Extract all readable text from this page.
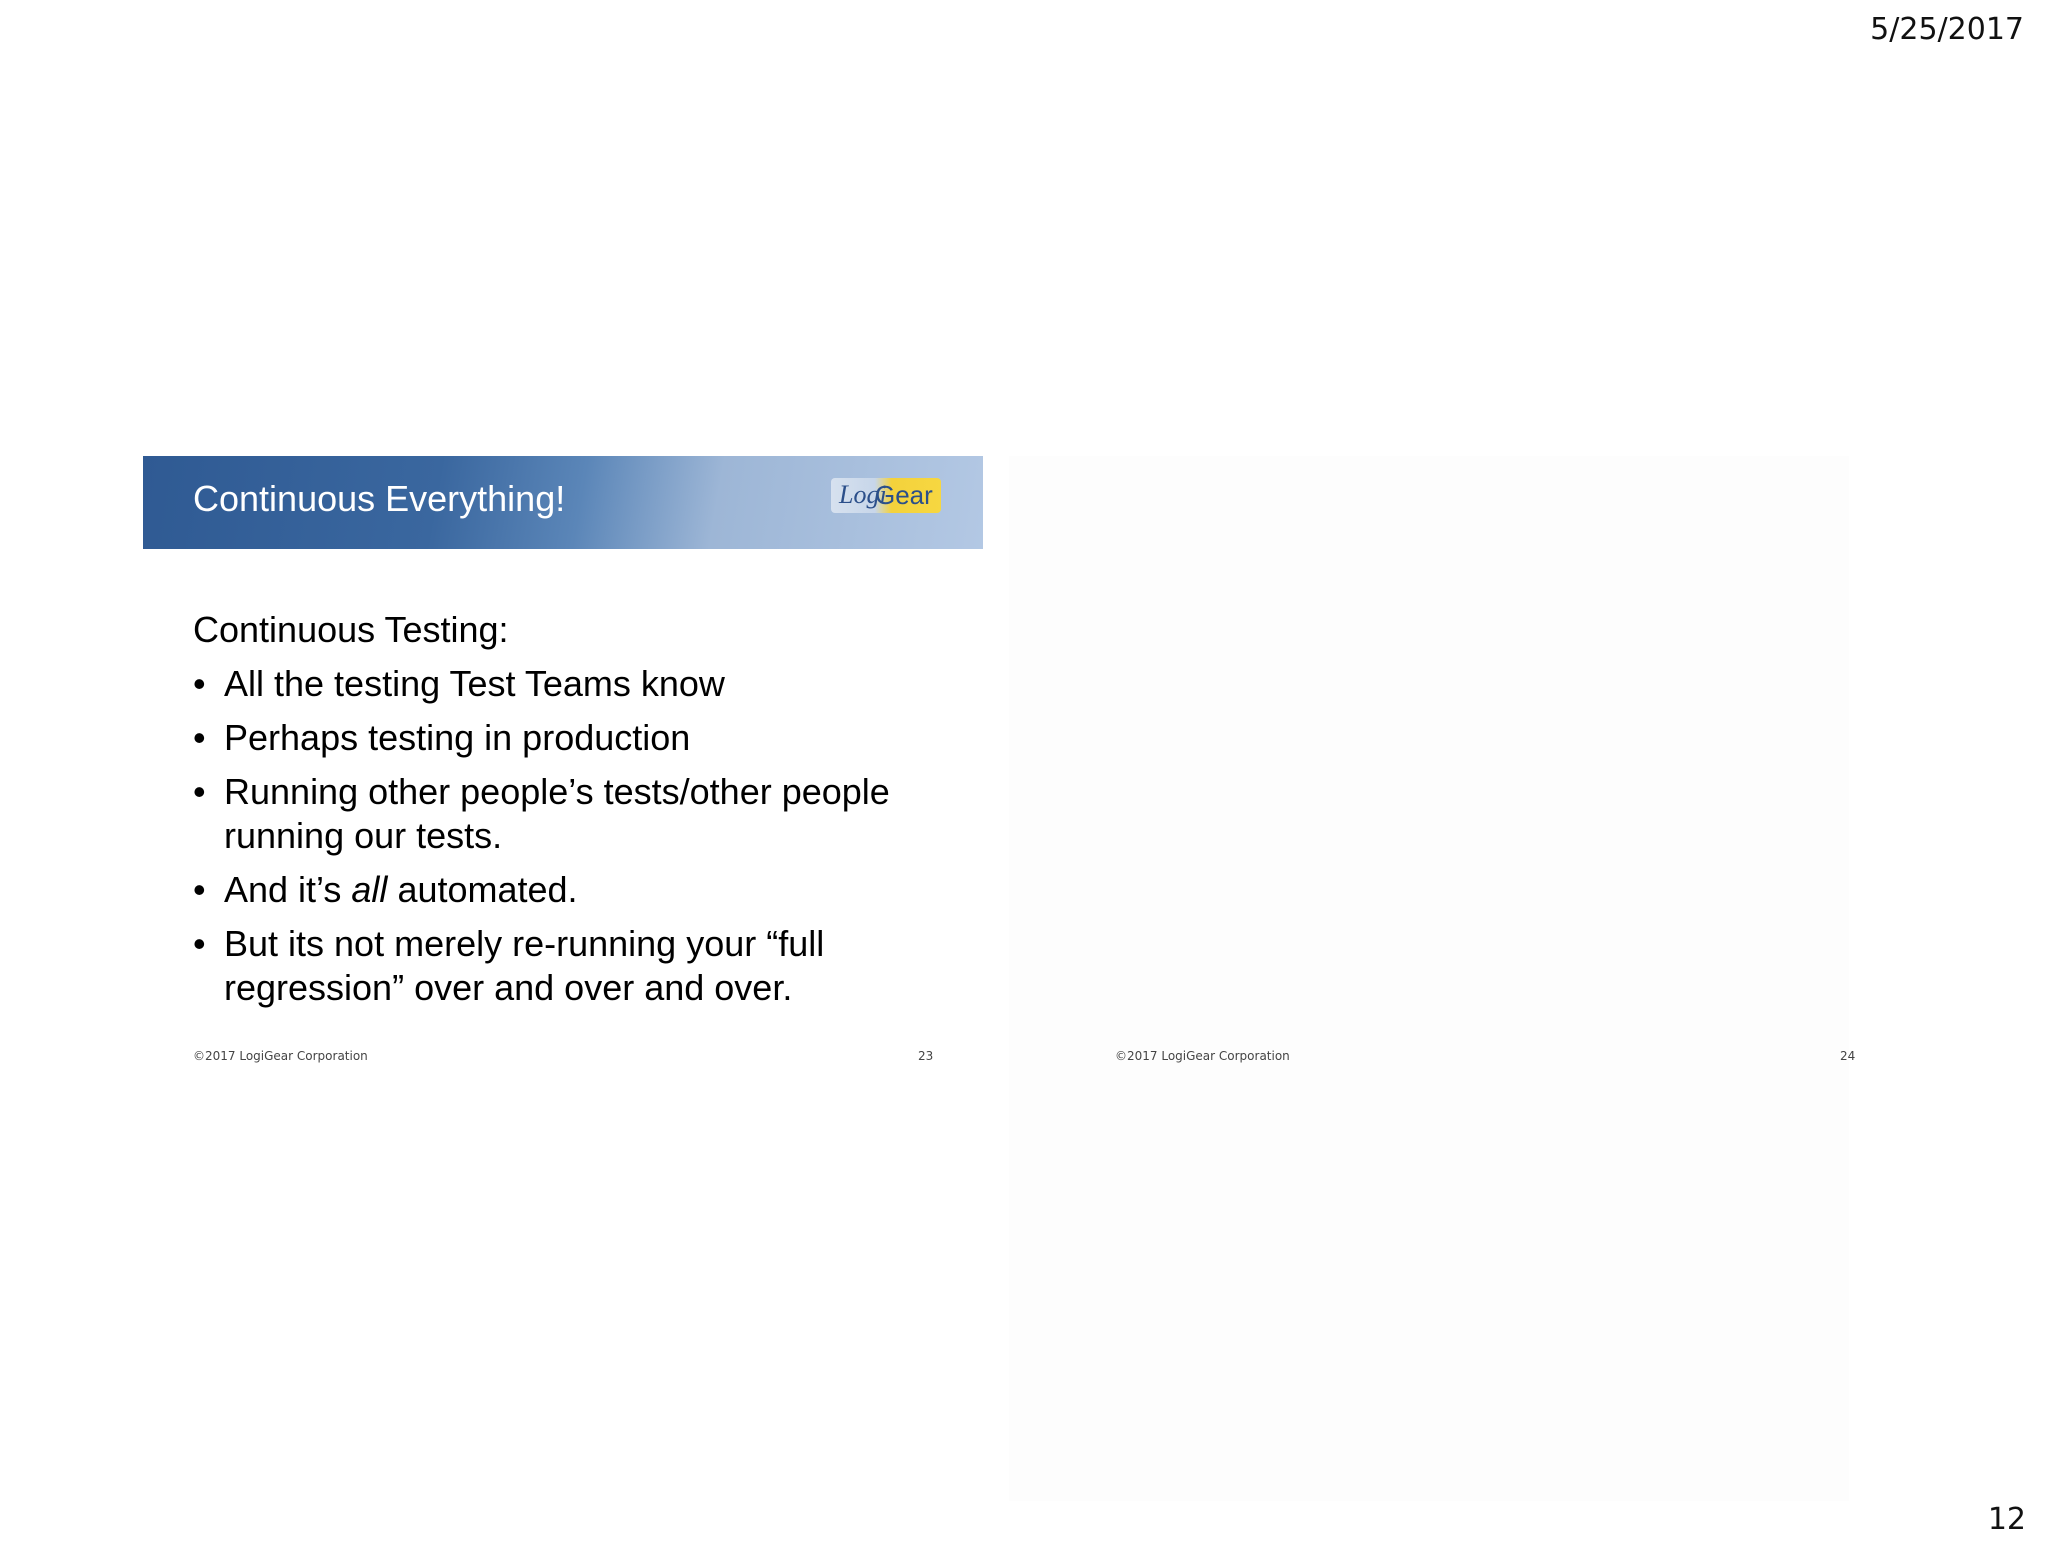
5/25/2017
Continuous Everything!	Logi
Gear
Continuous Testing:
• All the testing Test Teams know
• Perhaps testing in production
• Running other people’s tests/other people running our tests.
• And it’s all automated.
• But its not merely re-running your “full regression” over and over and over.
©2017 LogiGear Corporation	23	©2017 LogiGear Corporation	24
12
